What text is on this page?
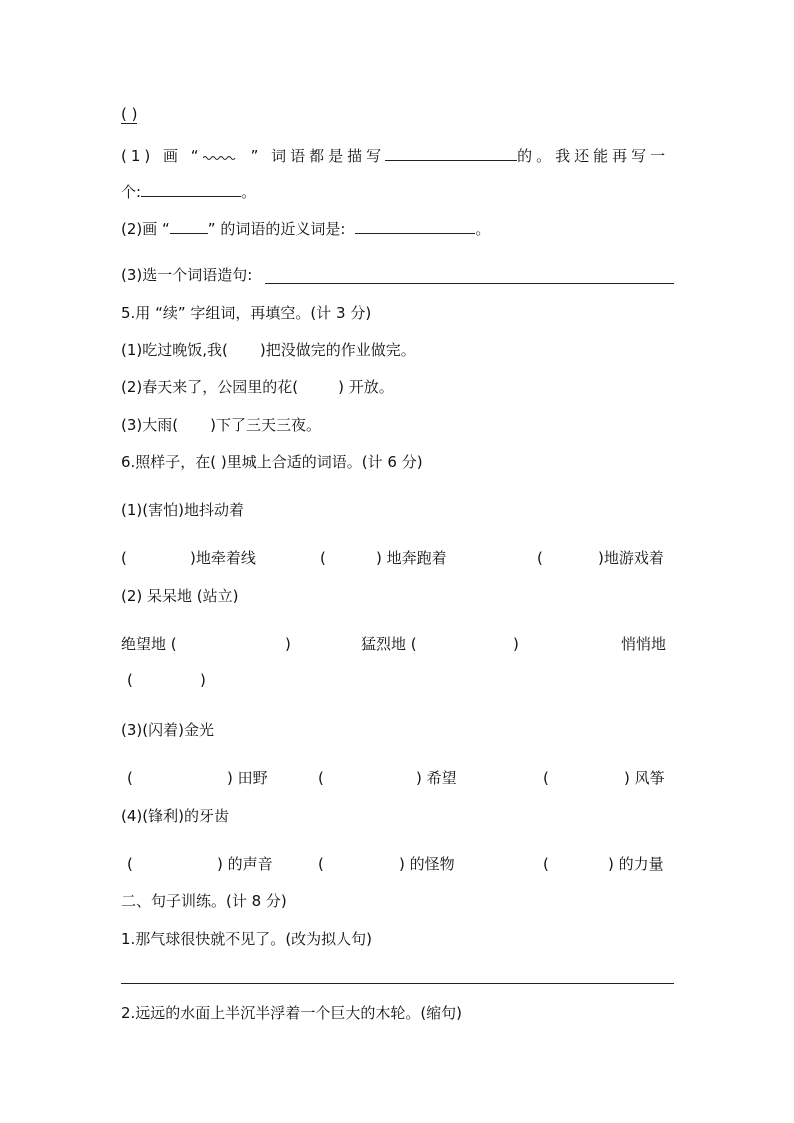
( )
(1) 画 “	” 词语都是描写	的。我还能再写一
个:	。
(2)画 “	” 的词语的近义词是:	。
(3)选一个词语造句:
5.用 “续” 字组词，再填空。(计 3 分)
(1)吃过晚饭,我( )把没做完的作业做完。
(2)春天来了，公园里的花(	) 开放。
(3)大雨( )下了三天三夜。
6.照样子，在( )里城上合适的词语。(计 6 分)
(1)(害怕)地抖动着
(	)地牵着线	(	) 地奔跑着	(	)地游戏着
(2) 呆呆地 (站立)
绝望地 (	)	猛烈地 (	)	悄悄地
(	)
(3)(闪着)金光
(	) 田野	(	) 希望	(	) 风筝
(4)(锋利)的牙齿
(	) 的声音	(	) 的怪物	(	) 的力量
二、句子训练。(计 8 分)
1.那气球很快就不见了。(改为拟人句)
2.远远的水面上半沉半浮着一个巨大的木轮。(缩句)
